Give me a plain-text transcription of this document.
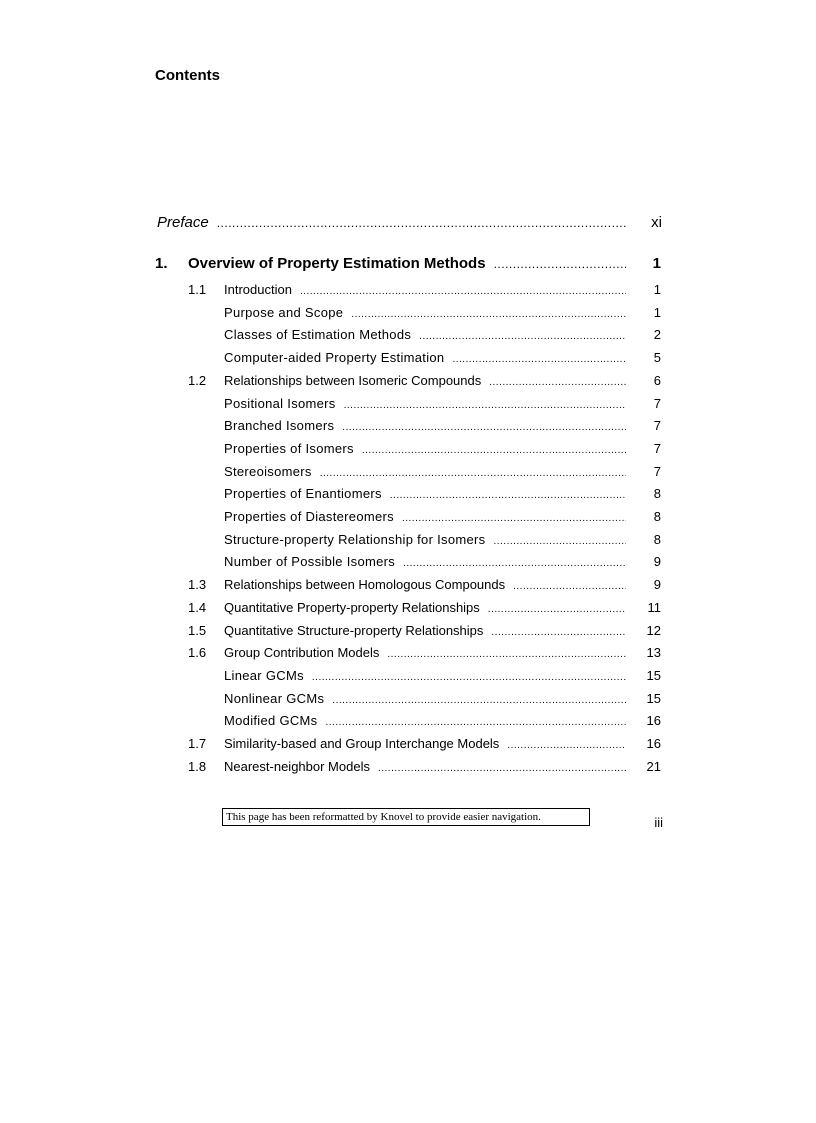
Contents
Preface .....	xi
1. Overview of Property Estimation Methods .....	1
1.1 Introduction .....	1
Purpose and Scope .....	1
Classes of Estimation Methods .....	2
Computer-aided Property Estimation .....	5
1.2 Relationships between Isomeric Compounds .....	6
Positional Isomers .....	7
Branched Isomers .....	7
Properties of Isomers .....	7
Stereoisomers .....	7
Properties of Enantiomers .....	8
Properties of Diastereomers .....	8
Structure-property Relationship for Isomers .....	8
Number of Possible Isomers .....	9
1.3 Relationships between Homologous Compounds .....	9
1.4 Quantitative Property-property Relationships .....	11
1.5 Quantitative Structure-property Relationships .....	12
1.6 Group Contribution Models .....	13
Linear GCMs .....	15
Nonlinear GCMs .....	15
Modified GCMs .....	16
1.7 Similarity-based and Group Interchange Models .....	16
1.8 Nearest-neighbor Models .....	21
This page has been reformatted by Knovel to provide easier navigation.	iii
